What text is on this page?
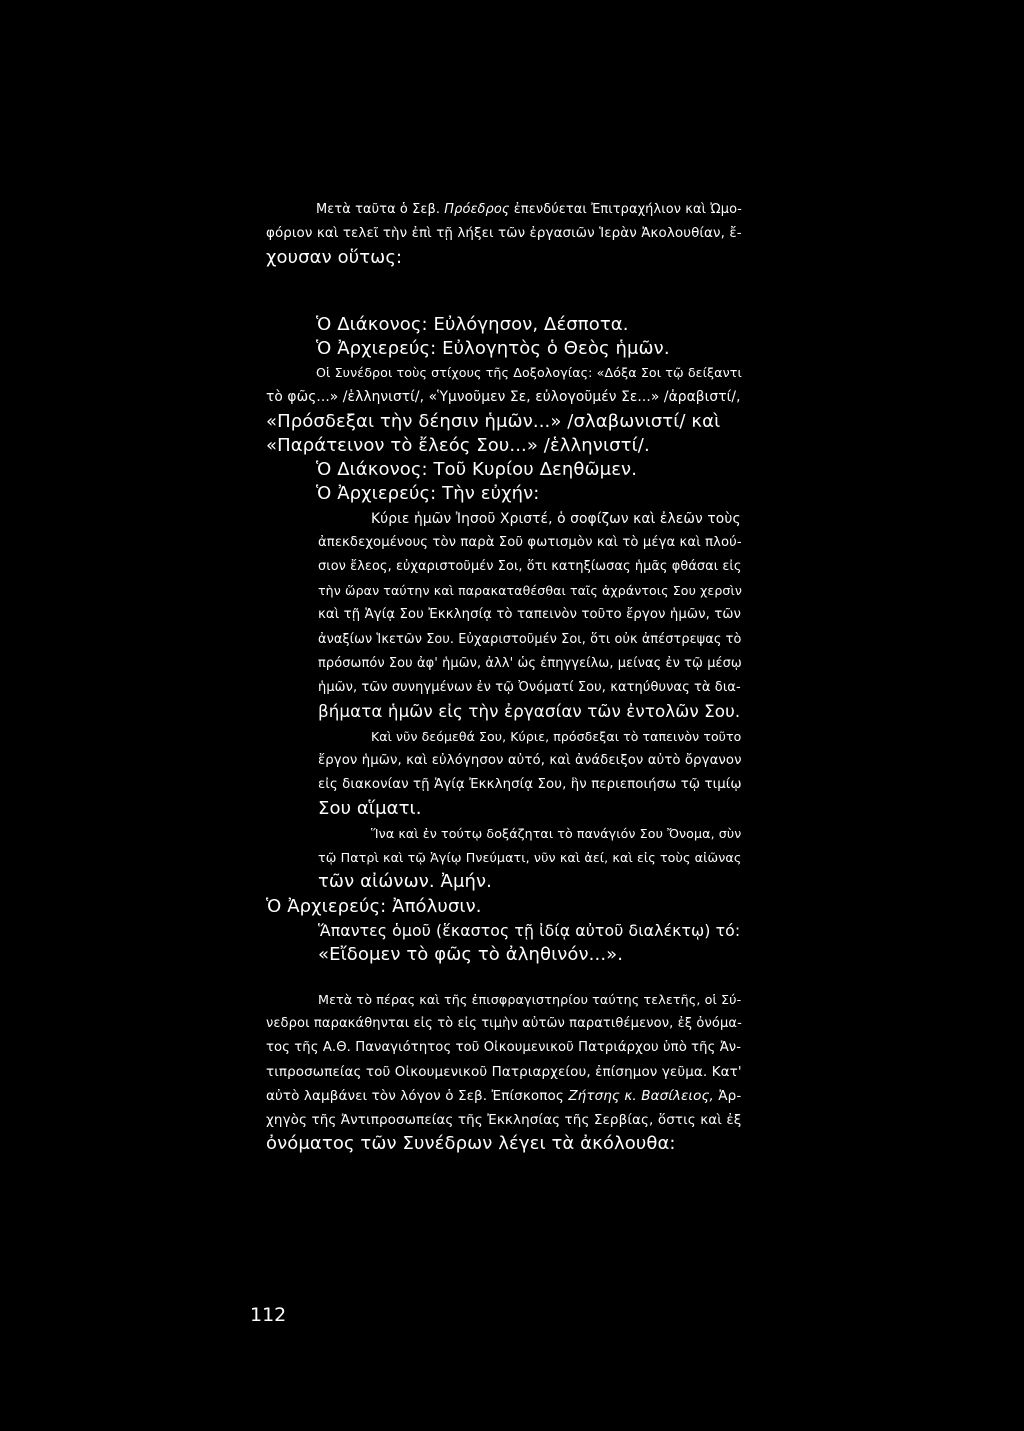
Μετὰ ταῦτα ὁ Σεβ. Πρόεδρος ἐπενδύεται Ἐπιτραχήλιον καὶ Ὠμο-
φόριον καὶ τελεῖ τὴν ἐπὶ τῇ λήξει τῶν ἐργασιῶν Ἱερὰν Ἀκολουθίαν, ἔ-
χουσαν οὕτως:
Ὁ Διάκονος: Εὐλόγησον, Δέσποτα.
Ὁ Ἀρχιερεύς: Εὐλογητὸς ὁ Θεὸς ἡμῶν.
Οἱ Συνέδροι τοὺς στίχους τῆς Δοξολογίας: «Δόξα Σοι τῷ δείξαντι
τὸ φῶς...» /ἑλληνιστί/, «Ὑμνοῦμεν Σε, εὐλογοῦμέν Σε...» /ἀραβιστί/,
«Πρόσδεξαι τὴν δέησιν ἡμῶν...» /σλαβωνιστί/ καὶ
«Παράτεινον τὸ ἔλεός Σου...» /ἑλληνιστί/.
Ὁ Διάκονος: Τοῦ Κυρίου Δεηθῶμεν.
Ὁ Ἀρχιερεύς: Τὴν εὐχήν:
Κύριε ἡμῶν Ἰησοῦ Χριστέ, ὁ σοφίζων καὶ ἐλεῶν τοὺς
ἀπεκδεχομένους τὸν παρὰ Σοῦ φωτισμὸν καὶ τὸ μέγα καὶ πλού-
σιον ἔλεος, εὐχαριστοῦμέν Σοι, ὅτι κατηξίωσας ἡμᾶς φθάσαι εἰς
τὴν ὥραν ταύτην καὶ παρακαταθέσθαι ταῖς ἀχράντοις Σου χερσὶν
καὶ τῇ Ἁγίᾳ Σου Ἐκκλησίᾳ τὸ ταπεινὸν τοῦτο ἔργον ἡμῶν, τῶν
ἀναξίων Ἱκετῶν Σου. Εὐχαριστοῦμέν Σοι, ὅτι οὐκ ἀπέστρεψας τὸ
πρόσωπόν Σου ἀφ' ἡμῶν, ἀλλ' ὡς ἐπηγγείλω, μείνας ἐν τῷ μέσῳ
ἡμῶν, τῶν συνηγμένων ἐν τῷ Ὀνόματί Σου, κατηύθυνας τὰ δια-
βήματα ἡμῶν εἰς τὴν ἐργασίαν τῶν ἐντολῶν Σου.
Καὶ νῦν δεόμεθά Σου, Κύριε, πρόσδεξαι τὸ ταπεινὸν τοῦτο
ἔργον ἡμῶν, καὶ εὐλόγησον αὐτό, καὶ ἀνάδειξον αὐτὸ ὄργανον
εἰς διακονίαν τῇ Ἁγίᾳ Ἐκκλησίᾳ Σου, ἣν περιεποιήσω τῷ τιμίῳ
Σου αἵματι.
Ἵνα καὶ ἐν τούτῳ δοξάζηται τὸ πανάγιόν Σου Ὄνομα, σὺν
τῷ Πατρὶ καὶ τῷ Ἁγίῳ Πνεύματι, νῦν καὶ ἀεί, καὶ εἰς τοὺς αἰῶνας
τῶν αἰώνων. Ἀμήν.
Ὁ Ἀρχιερεύς: Ἀπόλυσιν.
Ἅπαντες ὁμοῦ (ἕκαστος τῇ ἰδίᾳ αὐτοῦ διαλέκτῳ) τό:
«Εἴδομεν τὸ φῶς τὸ ἀληθινόν...».
Μετὰ τὸ πέρας καὶ τῆς ἐπισφραγιστηρίου ταύτης τελετῆς, οἱ Σύ-
νεδροι παρακάθηνται εἰς τὸ εἰς τιμὴν αὐτῶν παρατιθέμενον, ἐξ ὀνόμα-
τος τῆς Α.Θ. Παναγιότητος τοῦ Οἰκουμενικοῦ Πατριάρχου ὑπὸ τῆς Ἀν-
τιπροσωπείας τοῦ Οἰκουμενικοῦ Πατριαρχείου, ἐπίσημον γεῦμα. Κατ'
αὐτὸ λαμβάνει τὸν λόγον ὁ Σεβ. Ἐπίσκοπος Ζήτσης κ. Βασίλειος, Ἀρ-
χηγὸς τῆς Ἀντιπροσωπείας τῆς Ἐκκλησίας τῆς Σερβίας, ὅστις καὶ ἐξ
ὀνόματος τῶν Συνέδρων λέγει τὰ ἀκόλουθα:
112
